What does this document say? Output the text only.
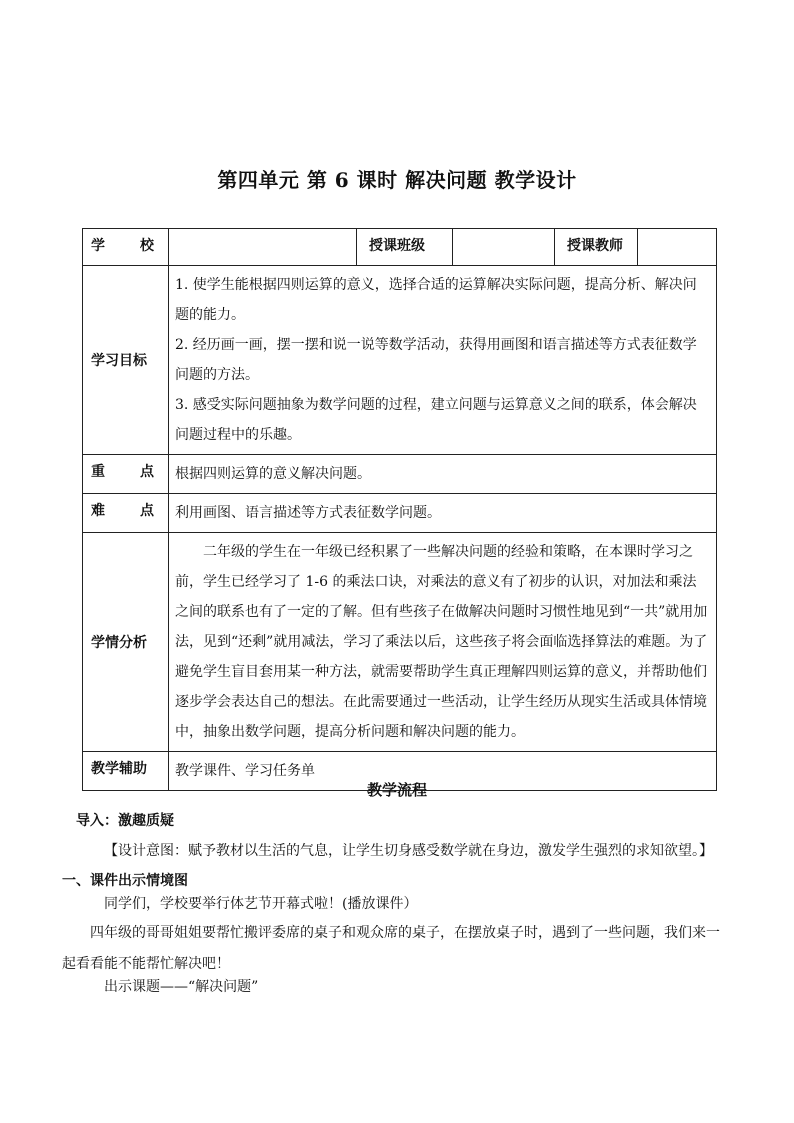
第四单元 第 6 课时 解决问题 教学设计
学 校		授课班级		授课教师	
学习目标	1. 使学生能根据四则运算的意义，选择合适的运算解决实际问题，提高分析、解决问题的能力。
2. 经历画一画，摆一摆和说一说等数学活动，获得用画图和语言描述等方式表征数学问题的方法。
3. 感受实际问题抽象为数学问题的过程，建立问题与运算意义之间的联系，体会解决问题过程中的乐趣。				

重 点	根据四则运算的意义解决问题。				

难 点	利用画图、语言描述等方式表征数学问题。				
学情分析	二年级的学生在一年级已经积累了一些解决问题的经验和策略，在本课时学习之前，学生已经学习了 1-6 的乘法口诀，对乘法的意义有了初步的认识，对加法和乘法之间的联系也有了一定的了解。但有些孩子在做解决问题时习惯性地见到“一共”就用加法，见到“还剩”就用减法，学习了乘法以后，这些孩子将会面临选择算法的难题。为了避免学生盲目套用某一种方法，就需要帮助学生真正理解四则运算的意义，并帮助他们逐步学会表达自己的想法。在此需要通过一些活动，让学生经历从现实生活或具体情境中，抽象出数学问题，提高分析问题和解决问题的能力。				
教学辅助	教学课件、学习任务单				
教学流程
导入：激趣质疑
【设计意图：赋予教材以生活的气息，让学生切身感受数学就在身边，激发学生强烈的求知欲望。】
一、课件出示情境图
同学们，学校要举行体艺节开幕式啦！(播放课件）
四年级的哥哥姐姐要帮忙搬评委席的桌子和观众席的桌子，在摆放桌子时，遇到了一些问题，我们来一起看看能不能帮忙解决吧！
出示课题——“解决问题”
